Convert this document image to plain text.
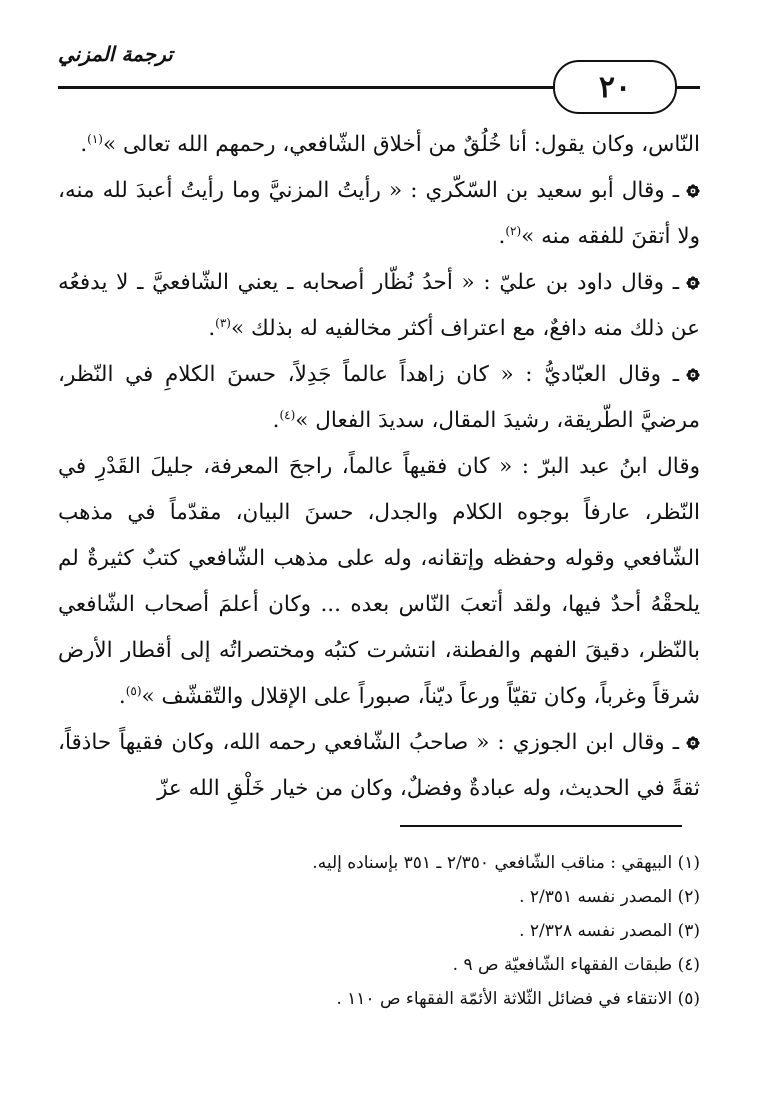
ترجمة المزني
٢٠

النّاس، وكان يقول: أنا خُلُقٌ من أخلاق الشّافعي، رحمهم الله تعالى »$^{(١)}$.

ـ وقال أبو سعيد بن السّكّري : « رأيتُ المزنيَّ وما رأيتُ أعبدَ لله منه، ولا أتقنَ للفقه منه »$^{(٢)}$.

ـ وقال داود بن عليّ : « أحدُ نُظّار أصحابه ـ يعني الشّافعيَّ ـ لا يدفعُه عن ذلك منه دافعٌ، مع اعتراف أكثر مخالفيه له بذلك »$^{(٣)}$.

ـ وقال العبّاديُّ : « كان زاهداً عالماً جَدِلاً، حسنَ الكلامِ في النّظر، مرضيَّ الطّريقة، رشيدَ المقال، سديدَ الفعال »$^{(٤)}$.

وقال ابنُ عبد البرّ : « كان فقيهاً عالماً، راجحَ المعرفة، جليلَ القَدْرِ في النّظر، عارفاً بوجوه الكلام والجدل، حسنَ البيان، مقدّماً في مذهب الشّافعي وقوله وحفظه وإتقانه، وله على مذهب الشّافعي كتبٌ كثيرةٌ لم يلحقْهُ أحدٌ فيها، ولقد أتعبَ النّاس بعده ... وكان أعلمَ أصحاب الشّافعي بالنّظر، دقيقَ الفهم والفطنة، انتشرت كتبُه ومختصراتُه إلى أقطار الأرض شرقاً وغرباً، وكان تقيّاً ورعاً ديّناً، صبوراً على الإقلال والتّقشّف »$^{(٥)}$.

ـ وقال ابن الجوزي : « صاحبُ الشّافعي رحمه الله، وكان فقيهاً حاذقاً، ثقةً في الحديث، وله عبادةٌ وفضلٌ، وكان من خيار خَلْقِ الله عزّ

(١) البيهقي : مناقب الشّافعي ٢/٣٥٠ ـ ٣٥١ بإسناده إليه.

(٢) المصدر نفسه ٢/٣٥١ .

(٣) المصدر نفسه ٢/٣٢٨ .

(٤) طبقات الفقهاء الشّافعيّة ص ٩ .

(٥) الانتقاء في فضائل الثّلاثة الأئمّة الفقهاء ص ١١٠ .
